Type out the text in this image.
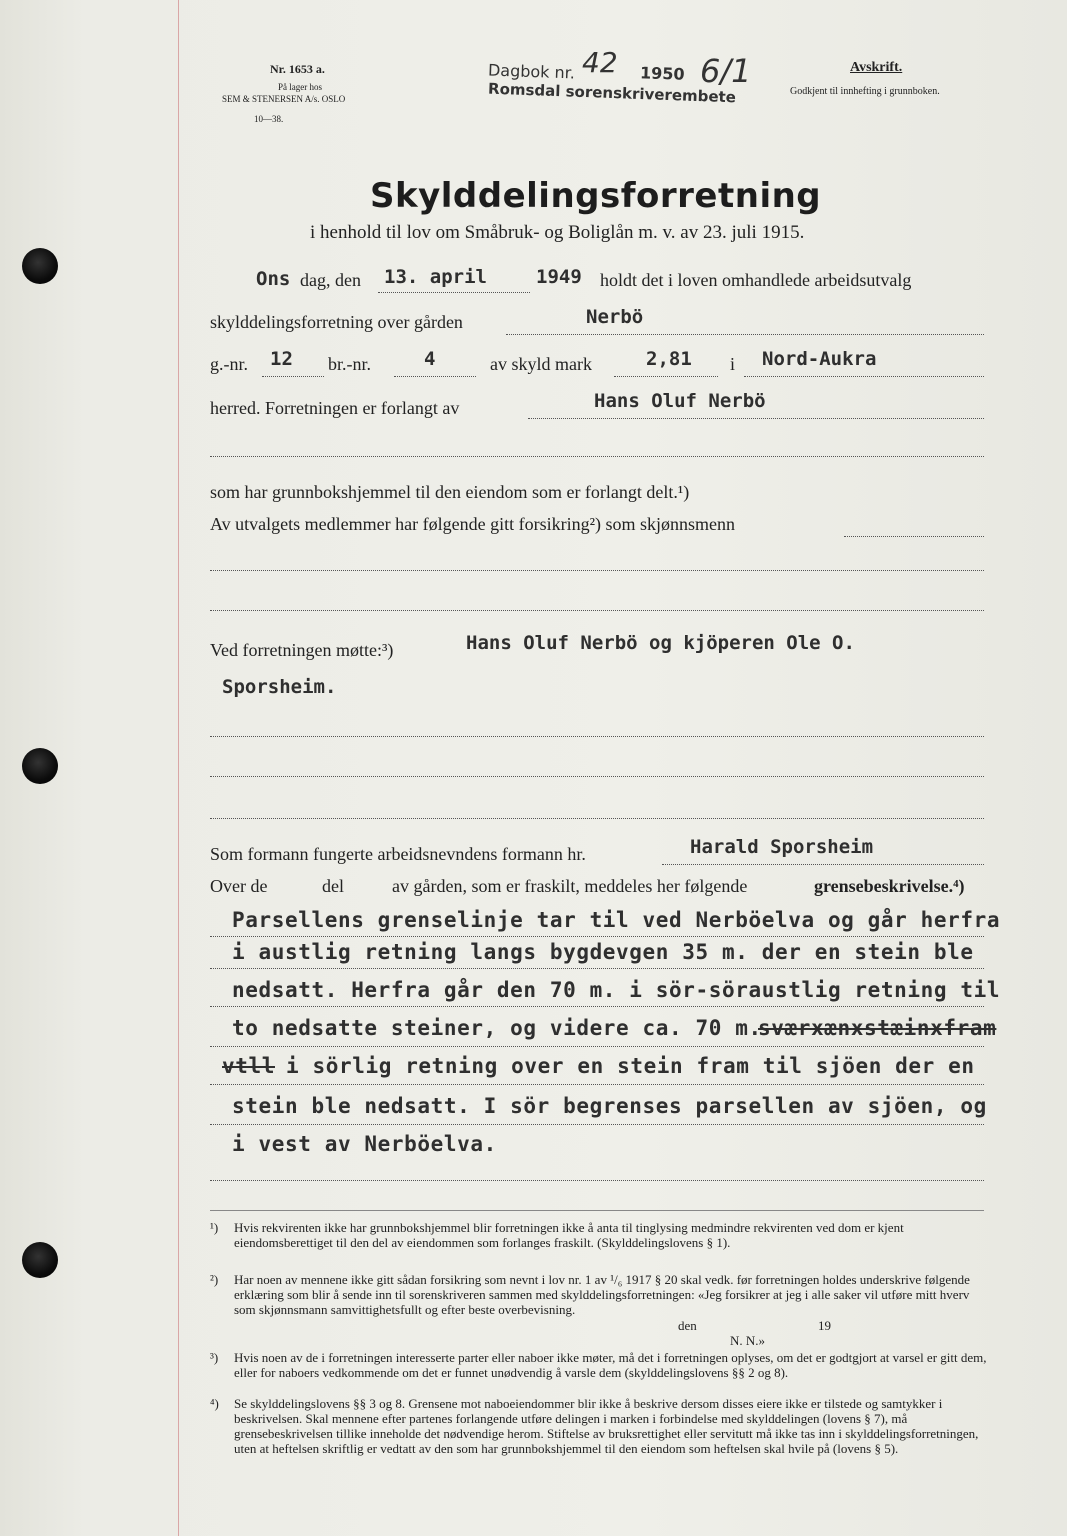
Nr. 1653 a.
På lager hos
SEM & STENERSEN A/s. OSLO
10—38.
Dagbok nr. 42 1950 6/1
Romsdal sorenskriverembete
Avskrift.
Godkjent til innhefting i grunnboken.
Skylddelingsforretning
i henhold til lov om Småbruk- og Boliglån m. v. av 23. juli 1915.
Ons dag, den 13. april	1949 holdt det i loven omhandlede arbeidsutvalg
skylddelingsforretning over gården	Nerbö
g.-nr. 12 br.-nr.	4	av skyld mark	2,81 i Nord-Aukra
herred. Forretningen er forlangt av	Hans Oluf Nerbö
som har grunnbokshjemmel til den eiendom som er forlangt delt.¹)
Av utvalgets medlemmer har følgende gitt forsikring²) som skjønnsmenn
Ved forretningen møtte:³)	Hans Oluf Nerbö og kjöperen Ole O.
Sporsheim.
Som formann fungerte arbeidsnevndens formann hr.	Harald Sporsheim
Over de	del	av gården, som er fraskilt, meddeles her følgende	grensebeskrivelse.⁴)
Parsellens grenselinje tar til ved Nerböelva og går herfra
i austlig retning langs bygdevgen 35 m. der en stein ble
nedsatt. Herfra går den 70 m. i sör-söraustlig retning til
to nedsatte steiner, og videre ca. 70 m.
sværxænxstæinxfram
vtll i sörlig retning over en stein fram til sjöen der en
stein ble nedsatt. I sör begrenses parsellen av sjöen, og
i vest av Nerböelva.
¹) Hvis rekvirenten ikke har grunnbokshjemmel blir forretningen ikke å anta til tinglysing medmindre rekvirenten ved dom er kjent eiendomsberettiget til den del av eiendommen som forlanges fraskilt. (Skylddelingslovens § 1).
²) Har noen av mennene ikke gitt sådan forsikring som nevnt i lov nr. 1 av ¹/₆ 1917 § 20 skal vedk. før forretningen holdes underskrive følgende erklæring som blir å sende inn til sorenskriveren sammen med skylddelingsforretningen: «Jeg forsikrer at jeg i alle saker vil utføre mitt hverv som skjønnsmann samvittighetsfullt og efter beste overbevisning.
den	19
N. N.»
³) Hvis noen av de i forretningen interesserte parter eller naboer ikke møter, må det i forretningen oplyses, om det er godtgjort at varsel er gitt dem, eller for naboers vedkommende om det er funnet unødvendig å varsle dem (skylddelingslovens §§ 2 og 8).
⁴) Se skylddelingslovens §§ 3 og 8. Grensene mot naboeiendommer blir ikke å beskrive dersom disses eiere ikke er tilstede og samtykker i beskrivelsen. Skal mennene efter partenes forlangende utføre delingen i marken i forbindelse med skylddelingen (lovens § 7), må grensebeskrivelsen tillike inneholde det nødvendige herom. Stiftelse av bruksrettighet eller servitutt må ikke tas inn i skylddelingsforretningen, uten at heftelsen skriftlig er vedtatt av den som har grunnbokshjemmel til den eiendom som heftelsen skal hvile på (lovens § 5).
